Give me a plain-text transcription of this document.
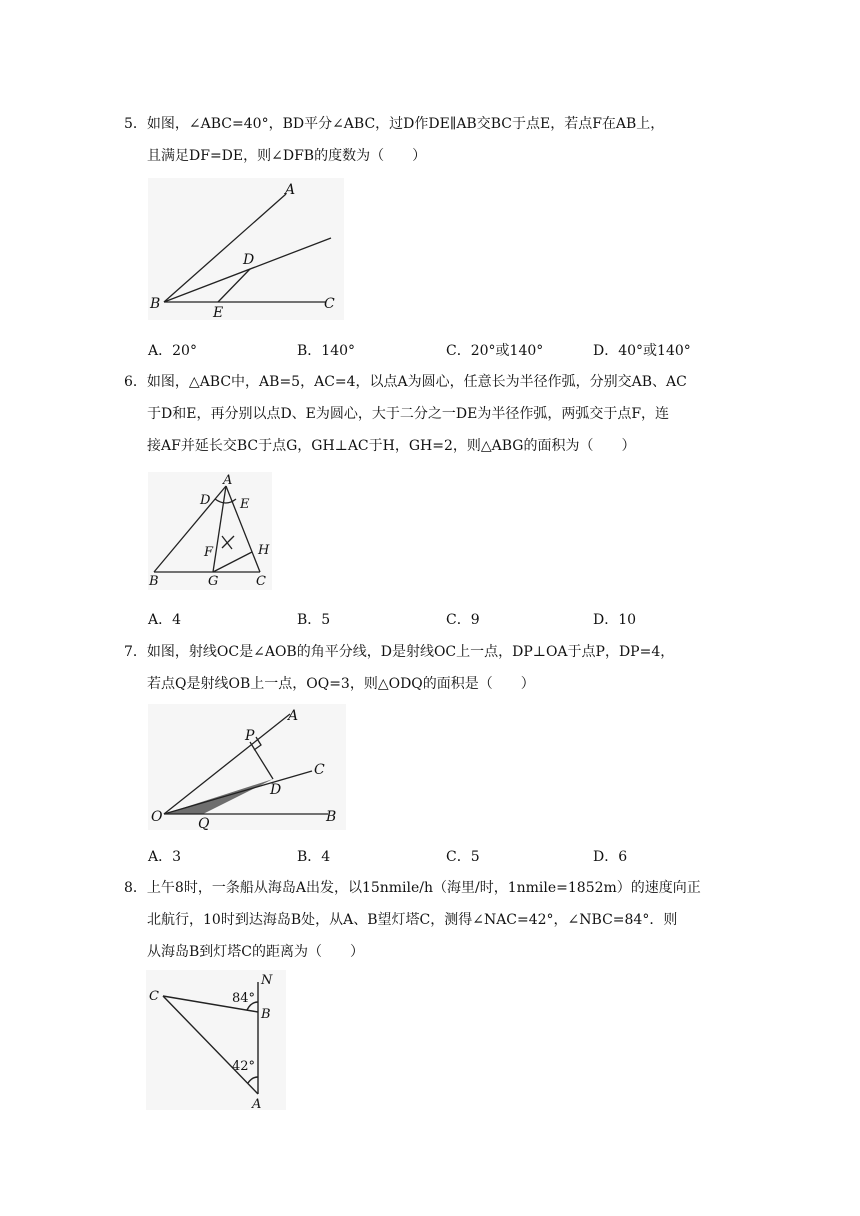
5．如图，∠ABC=40°，BD平分∠ABC，过D作DE∥AB交BC于点E，若点F在AB上，

且满足DF=DE，则∠DFB的度数为（　　）

A
D
B
E
C
A．20°	B．140°	C．20°或140°	D．40°或140°

6．如图，△ABC中，AB=5，AC=4，以点A为圆心，任意长为半径作弧，分别交AB、AC

于D和E，再分别以点D、E为圆心，大于二分之一DE为半径作弧，两弧交于点F，连

接AF并延长交BC于点G，GH⊥AC于H，GH=2，则△ABG的面积为（　　）

A
D E
F	H
B	G	C
A．4	B．5	C．9	D．10

7．如图，射线OC是∠AOB的角平分线，D是射线OC上一点，DP⊥OA于点P，DP=4，

若点Q是射线OB上一点，OQ=3，则△ODQ的面积是（　　）

A
P
C
D
O	Q	B
A．3	B．4	C．5	D．6

8．上午8时，一条船从海岛A出发，以15nmile/h（海里/时，1nmile=1852m）的速度向正

北航行，10时到达海岛B处，从A、B望灯塔C，测得∠NAC=42°，∠NBC=84°．则

从海岛B到灯塔C的距离为（　　）

N
C	84°
B
42°
A
